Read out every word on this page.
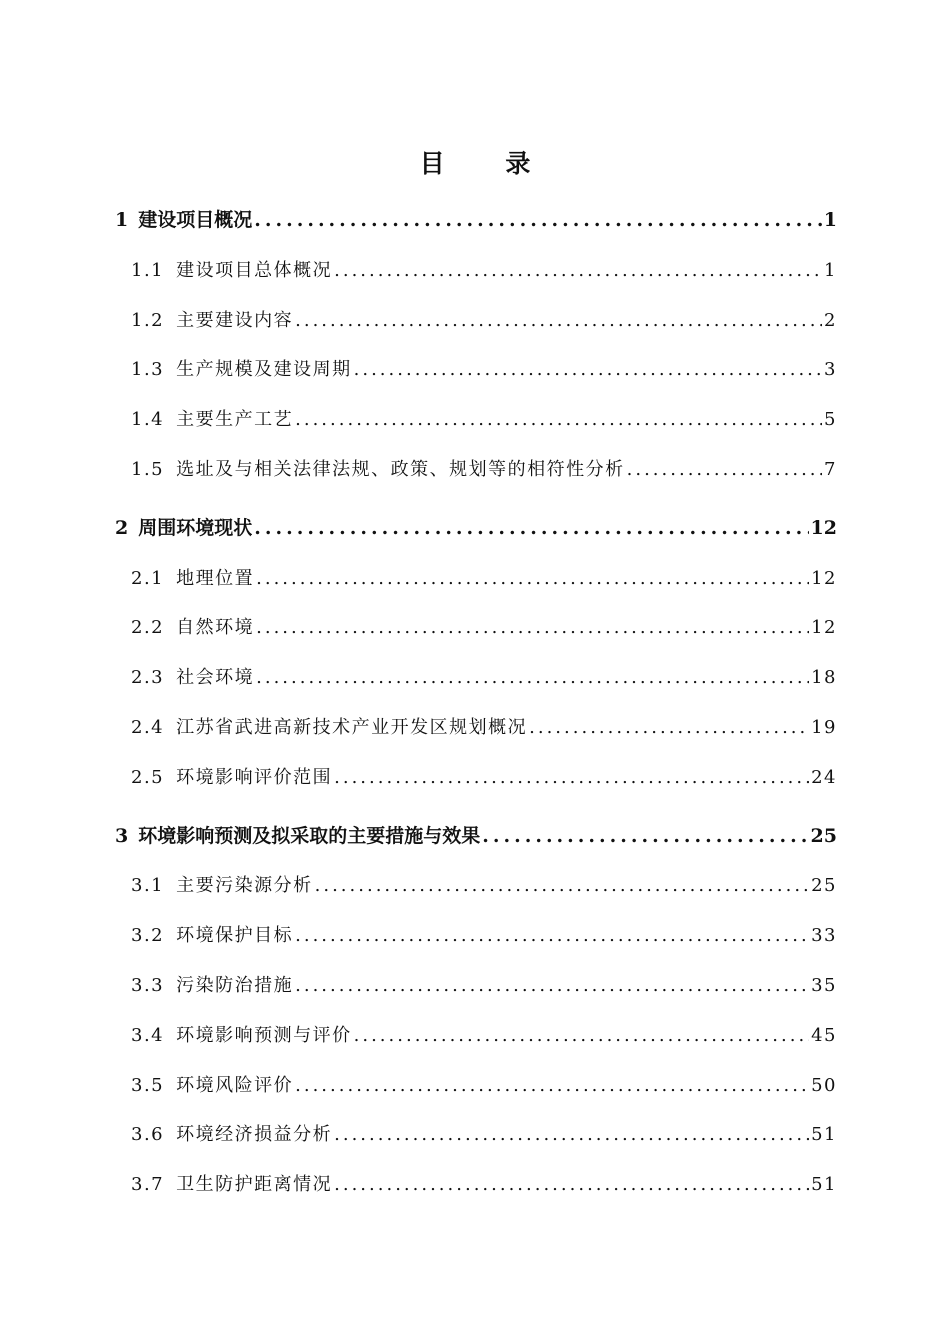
目 录
1 建设项目概况 .....	1
1.1 建设项目总体概况 .....	1
1.2 主要建设内容 .....	2
1.3 生产规模及建设周期 .....	3
1.4 主要生产工艺 .....	5
1.5 选址及与相关法律法规、政策、规划等的相符性分析 .....	7
2 周围环境现状 .....	12
2.1 地理位置 .....	12
2.2 自然环境 .....	12
2.3 社会环境 .....	18
2.4 江苏省武进高新技术产业开发区规划概况 .....	19
2.5 环境影响评价范围 .....	24
3 环境影响预测及拟采取的主要措施与效果 .....	25
3.1 主要污染源分析 .....	25
3.2 环境保护目标 .....	33
3.3 污染防治措施 .....	35
3.4 环境影响预测与评价 .....	45
3.5 环境风险评价 .....	50
3.6 环境经济损益分析 .....	51
3.7 卫生防护距离情况 .....	51
